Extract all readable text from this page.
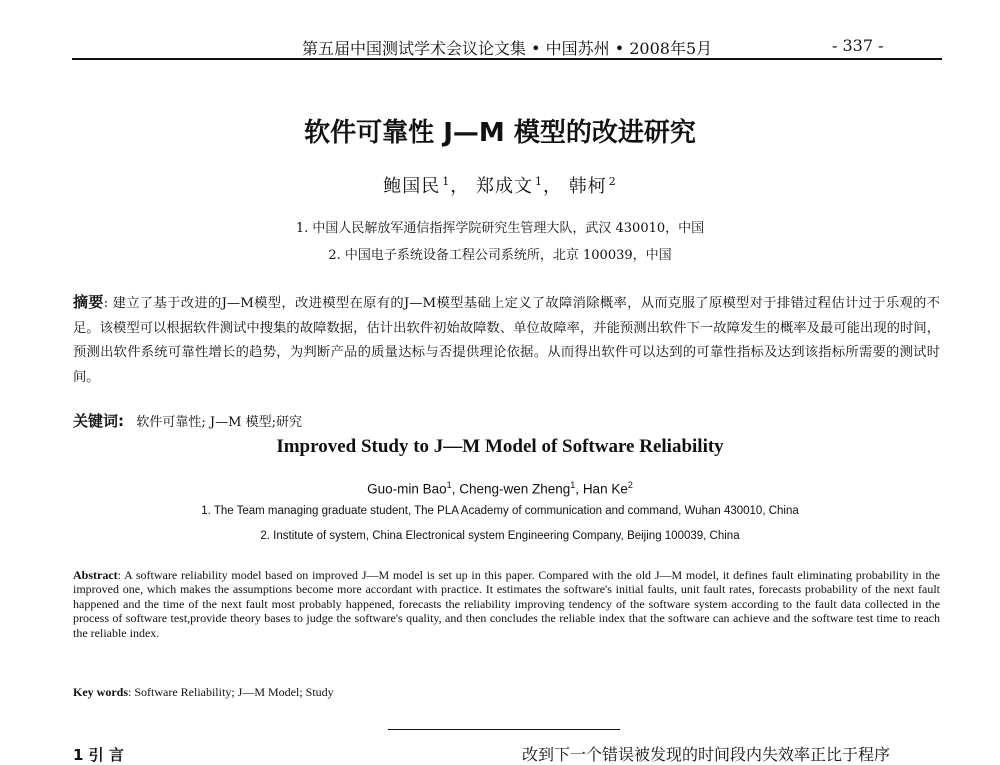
第五届中国测试学术会议论文集 • 中国苏州 • 2008年5月	- 337 -
软件可靠性 J—M 模型的改进研究
鲍国民 $^1$， 郑成文 $^1$， 韩柯 $^2$
1. 中国人民解放军通信指挥学院研究生管理大队，武汉 430010，中国
2. 中国电子系统设备工程公司系统所，北京 100039，中国

摘要: 建立了基于改进的J—M模型，改进模型在原有的J—M模型基础上定义了故障消除概率，从而克服了原模型对于排错过程估计过于乐观的不足。该模型可以根据软件测试中搜集的故障数据，估计出软件初始故障数、单位故障率，并能预测出软件下一故障发生的概率及最可能出现的时间，预测出软件系统可靠性增长的趋势，为判断产品的质量达标与否提供理论依据。从而得出软件可以达到的可靠性指标及达到该指标所需要的测试时间。

关键词: 软件可靠性; J—M 模型;研究
Improved Study to J—M Model of Software Reliability
Guo-min Bao$^1$, Cheng-wen Zheng$^1$, Han Ke$^2$
1. The Team managing graduate student, The PLA Academy of communication and command, Wuhan 430010, China
2. Institute of system, China Electronical system Engineering Company, Beijing 100039, China

Abstract: A software reliability model based on improved J—M model is set up in this paper. Compared with the old J—M model, it defines fault eliminating probability in the improved one, which makes the assumptions become more accordant with practice. It estimates the software's initial faults, unit fault rates, forecasts probability of the next fault happened and the time of the next fault most probably happened, forecasts the reliability improving tendency of the software system according to the fault data collected in the process of software test,provide theory bases to judge the software's quality, and then concludes the reliable index that the software can achieve and the software test time to reach the reliable index.

Key words: Software Reliability; J—M Model; Study
1 引 言	改到下一个错误被发现的时间段内失效率正比于程序
